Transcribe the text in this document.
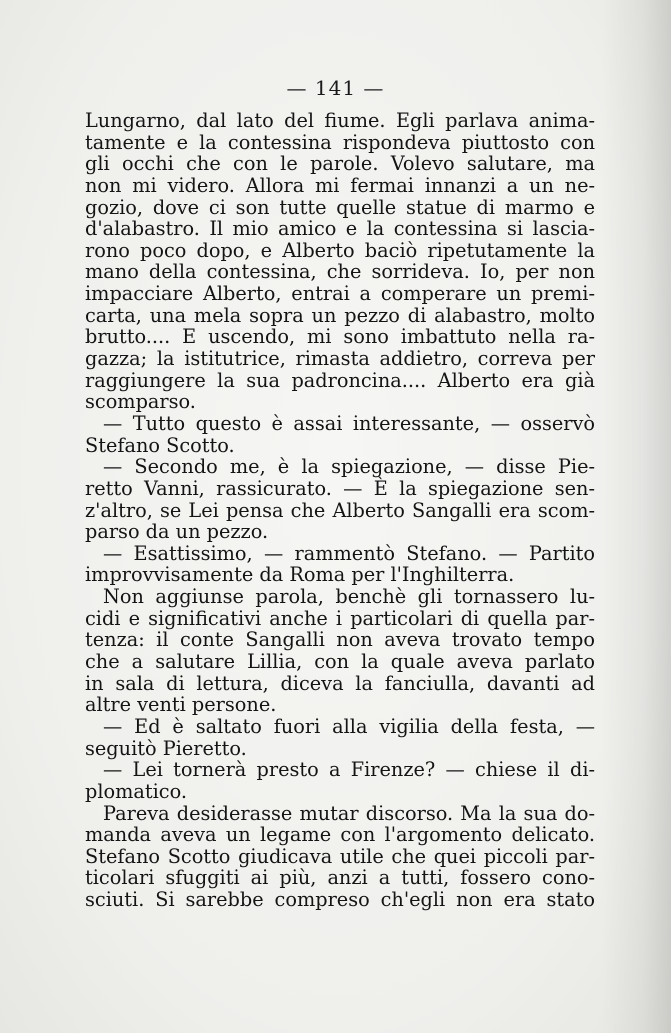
— 141 —
Lungarno, dal lato del fiume. Egli parlava anima-
tamente e la contessina rispondeva piuttosto con
gli occhi che con le parole. Volevo salutare, ma
non mi videro. Allora mi fermai innanzi a un ne-
gozio, dove ci son tutte quelle statue di marmo e
d'alabastro. Il mio amico e la contessina si lascia-
rono poco dopo, e Alberto baciò ripetutamente la
mano della contessina, che sorrideva. Io, per non
impacciare Alberto, entrai a comperare un premi-
carta, una mela sopra un pezzo di alabastro, molto
brutto.... E uscendo, mi sono imbattuto nella ra-
gazza; la istitutrice, rimasta addietro, correva per
raggiungere la sua padroncina.... Alberto era già
scomparso.
— Tutto questo è assai interessante, — osservò
Stefano Scotto.
— Secondo me, è la spiegazione, — disse Pie-
retto Vanni, rassicurato. — È la spiegazione sen-
z'altro, se Lei pensa che Alberto Sangalli era scom-
parso da un pezzo.
— Esattissimo, — rammentò Stefano. — Partito
improvvisamente da Roma per l'Inghilterra.
Non aggiunse parola, benchè gli tornassero lu-
cidi e significativi anche i particolari di quella par-
tenza: il conte Sangalli non aveva trovato tempo
che a salutare Lillia, con la quale aveva parlato
in sala di lettura, diceva la fanciulla, davanti ad
altre venti persone.
— Ed è saltato fuori alla vigilia della festa, —
seguitò Pieretto.
— Lei tornerà presto a Firenze? — chiese il di-
plomatico.
Pareva desiderasse mutar discorso. Ma la sua do-
manda aveva un legame con l'argomento delicato.
Stefano Scotto giudicava utile che quei piccoli par-
ticolari sfuggiti ai più, anzi a tutti, fossero cono-
sciuti. Si sarebbe compreso ch'egli non era stato
